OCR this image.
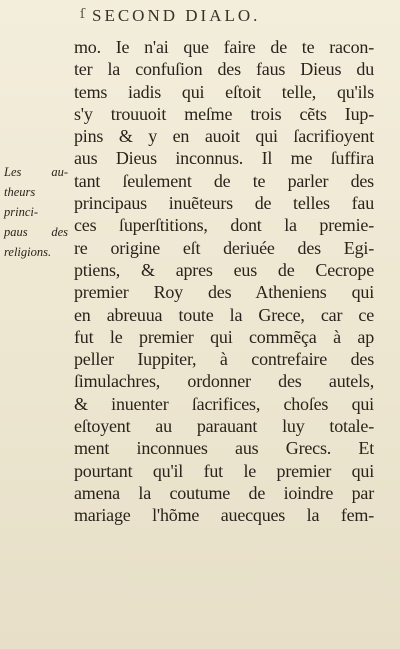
ſ SECOND DIALO.
Les au-
theurs
princi-
paus des
religions.
mo. Ie n'ai que faire de te racon-
ter la confuſion des faus Dieus du
tems iadis qui eſtoit telle, qu'ils
s'y trouuoit meſme trois cẽts Iup-
pins & y en auoit qui ſacrifioyent
aus Dieus inconnus. Il me ſuffira
tant ſeulement de te parler des
principaus inuẽteurs de telles fau
ces ſuperſtitions, dont la premie-
re origine eſt deriuée des Egi-
ptiens, & apres eus de Cecrope
premier Roy des Atheniens qui
en abreuua toute la Grece, car ce
fut le premier qui commẽça à ap
peller Iuppiter, à contrefaire des
ſimulachres, ordonner des autels,
& inuenter ſacrifices, choſes qui
eſtoyent au parauant luy totale-
ment inconnues aus Grecs. Et
pourtant qu'il fut le premier qui
amena la coutume de ioindre par
mariage l'hõme auecques la fem-
